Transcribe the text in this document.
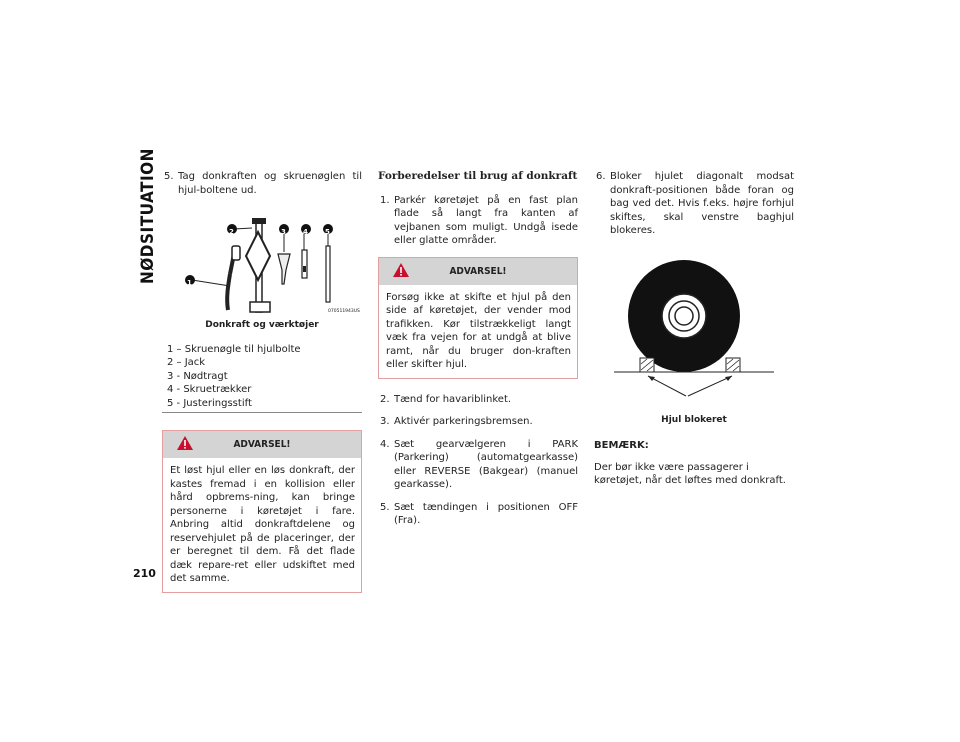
NØDSITUATION
210
5. Tag donkraften og skruenøglen til hjul-boltene ud.
070511943US
1
2	3 4 5
Donkraft og værktøjer
1 – Skruenøgle til hjulbolte
2 – Jack
3 - Nødtragt
4 - Skruetrækker
5 - Justeringsstift
ADVARSEL!
Et løst hjul eller en løs donkraft, der kastes fremad i en kollision eller hård opbrems-ning, kan bringe personerne i køretøjet i fare. Anbring altid donkraftdelene og reservehjulet på de placeringer, der er beregnet til dem. Få det flade dæk repare-ret eller udskiftet med det samme.
Forberedelser til brug af donkraft
1. Parkér køretøjet på en fast plan flade så langt fra kanten af vejbanen som muligt. Undgå isede eller glatte områder.
ADVARSEL!
Forsøg ikke at skifte et hjul på den side af køretøjet, der vender mod trafikken. Kør tilstrækkeligt langt væk fra vejen for at undgå at blive ramt, når du bruger don-kraften eller skifter hjul.
2. Tænd for havariblinket.
3. Aktivér parkeringsbremsen.
4. Sæt gearvælgeren i PARK (Parkering) (automatgearkasse) eller REVERSE (Bakgear) (manuel gearkasse).
5. Sæt tændingen i positionen OFF (Fra).
6. Bloker hjulet diagonalt modsat donkraft-positionen både foran og bag ved det. Hvis f.eks. højre forhjul skiftes, skal venstre baghjul blokeres.
Hjul blokeret
BEMÆRK:
Der bør ikke være passagerer i køretøjet, når det løftes med donkraft.
